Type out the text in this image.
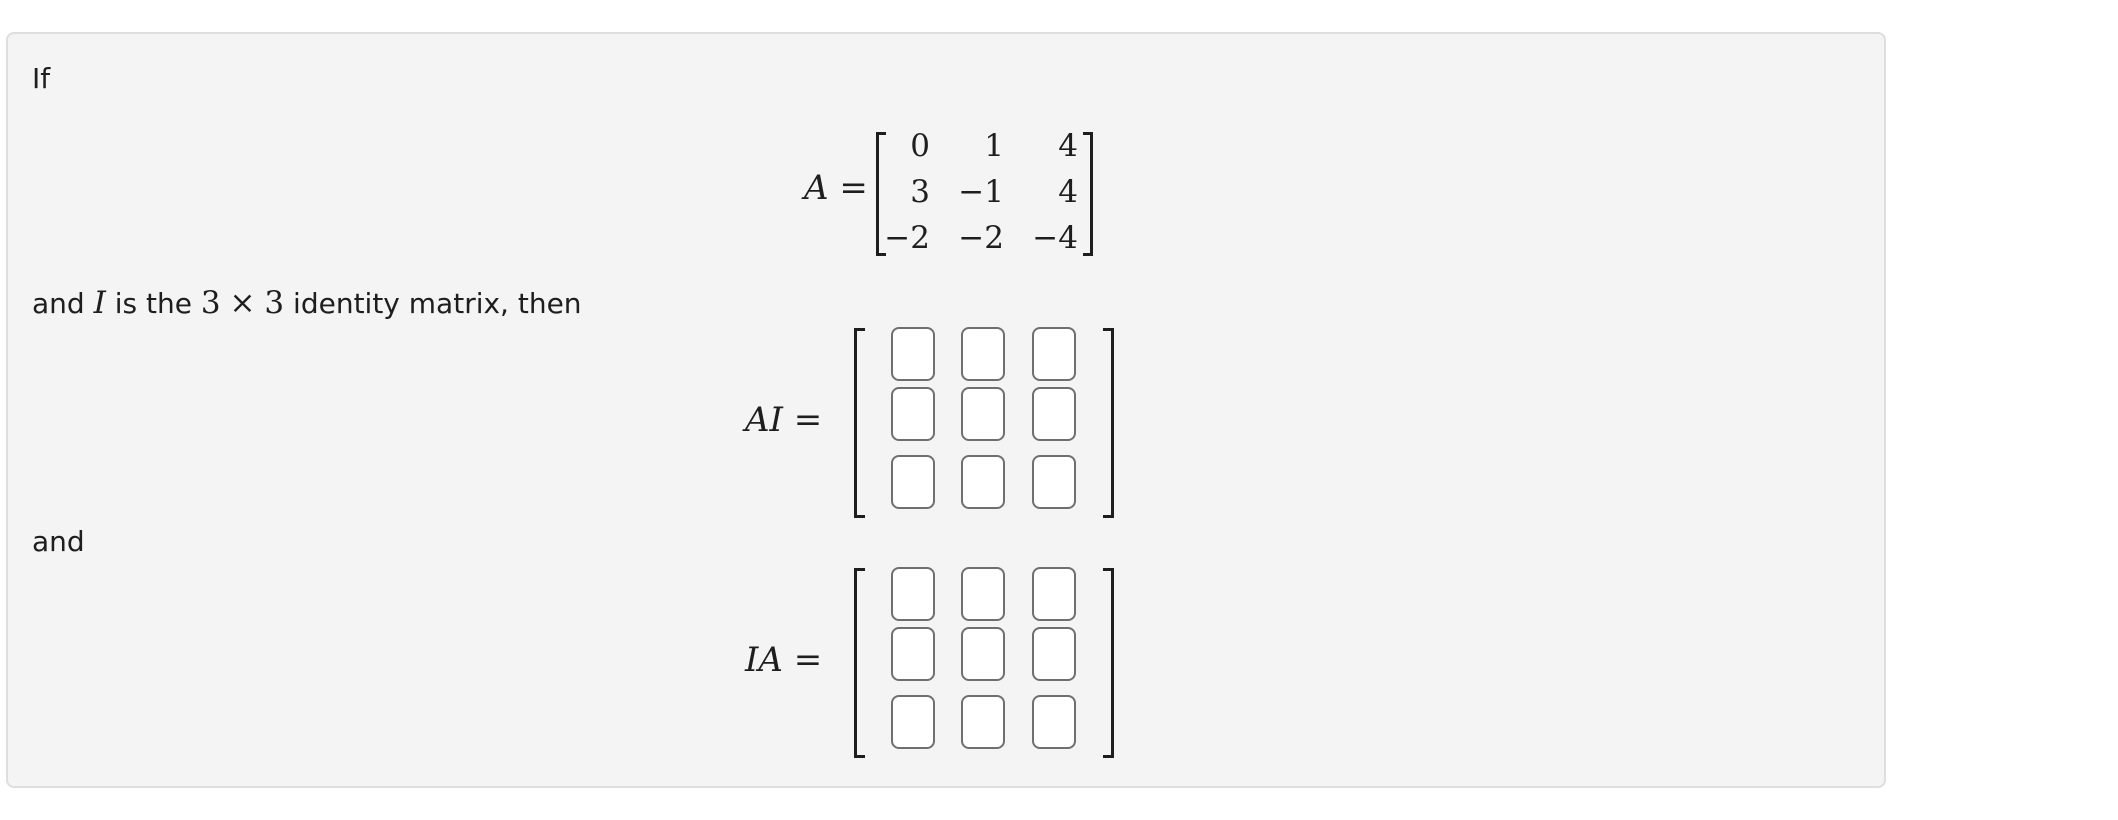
If
A =
0	1	4
3 −1	4
−2 −2 −4
and I is the 3 × 3 identity matrix, then
AI =
and
IA =
